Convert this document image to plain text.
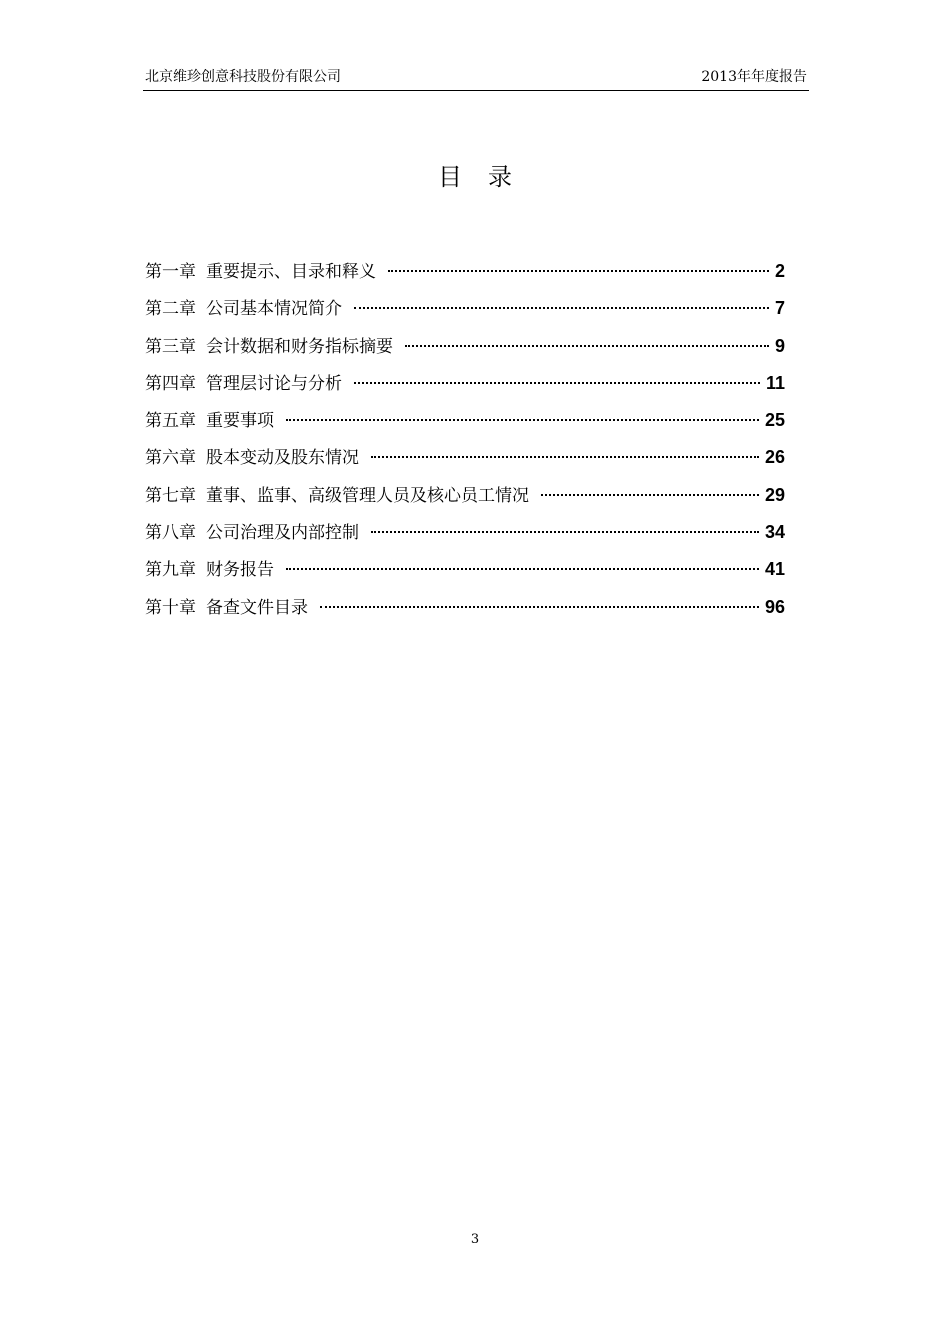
北京维珍创意科技股份有限公司	2013年年度报告
目录
第一章 重要提示、目录和释义	2
第二章 公司基本情况简介	7
第三章 会计数据和财务指标摘要	9
第四章 管理层讨论与分析	11
第五章 重要事项	25
第六章 股本变动及股东情况	26
第七章 董事、监事、高级管理人员及核心员工情况	29
第八章 公司治理及内部控制	34
第九章 财务报告	41
第十章 备查文件目录	96
3
